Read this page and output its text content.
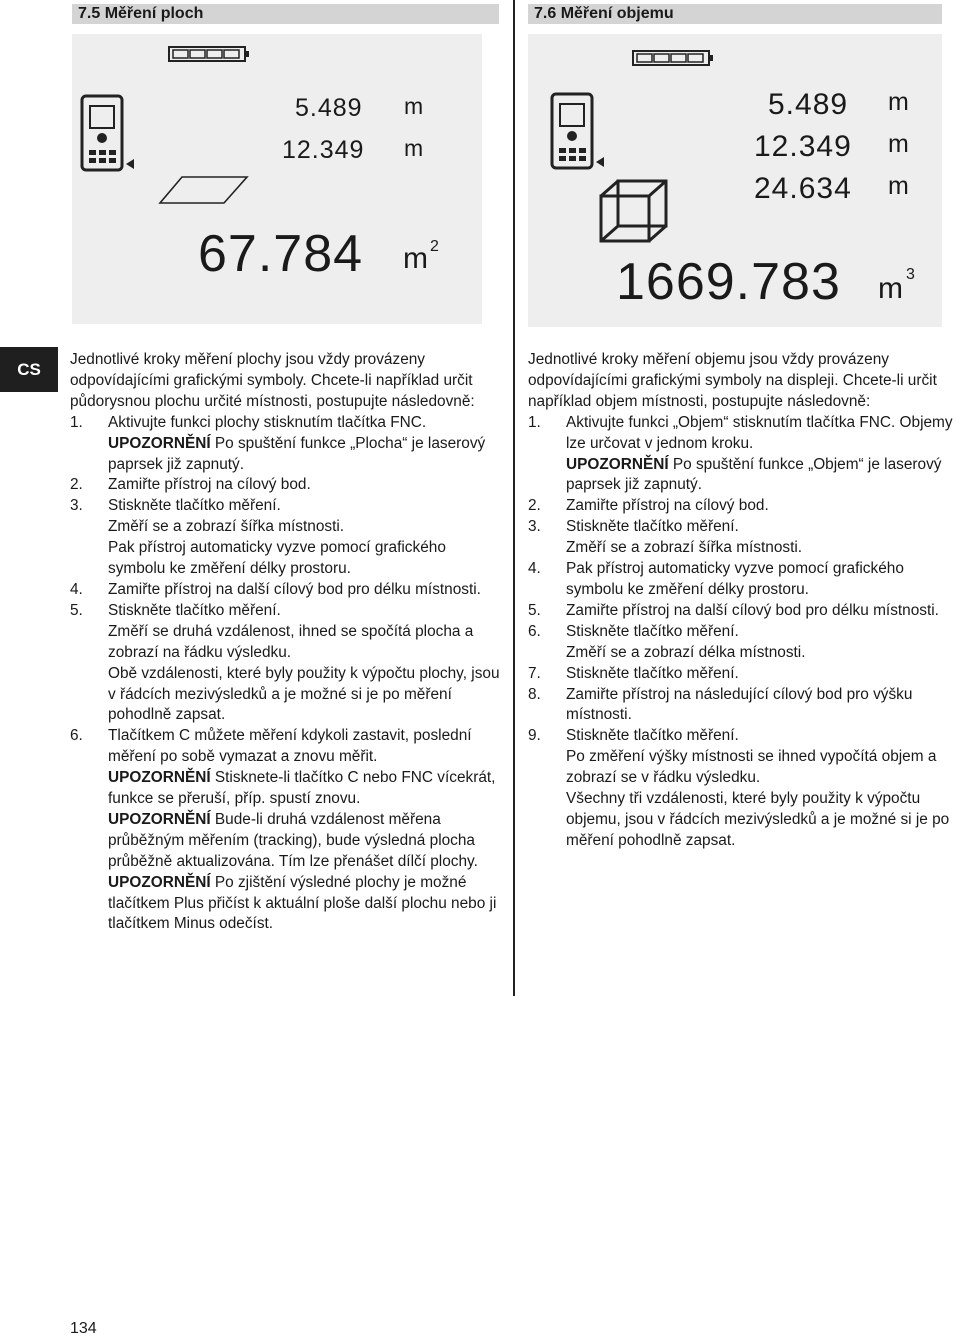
7.5 Měření ploch	7.6 Měření objemu
5.489 m
12.349 m
67.784 m 2
5.489 m
12.349 m
24.634 m
1669.783 m 3
CS

Jednotlivé kroky měření plochy jsou vždy provázeny odpovídajícími grafickými symboly. Chcete-li například určit půdorysnou plochu určité místnosti, postupujte následovně:

1.	Aktivujte funkci plochy stisknutím tlačítka FNC.

UPOZORNĚNÍ Po spuštění funkce „Plocha“ je laserový paprsek již zapnutý.

2.	Zamiřte přístroj na cílový bod.
3.	Stiskněte tlačítko měření.

Změří se a zobrazí šířka místnosti.

Pak přístroj automaticky vyzve pomocí grafického symbolu ke změření délky prostoru.

4.	Zamiřte přístroj na další cílový bod pro délku místnosti.
5.	Stiskněte tlačítko měření.

Změří se druhá vzdálenost, ihned se spočítá plocha a zobrazí na řádku výsledku.

Obě vzdálenosti, které byly použity k výpočtu plochy, jsou v řádcích mezivýsledků a je možné si je po měření pohodlně zapsat.

6.	Tlačítkem C můžete měření kdykoli zastavit, poslední měření po sobě vymazat a znovu měřit.

UPOZORNĚNÍ Stisknete-li tlačítko C nebo FNC vícekrát, funkce se přeruší, příp. spustí znovu.

UPOZORNĚNÍ Bude-li druhá vzdálenost měřena průběžným měřením (tracking), bude výsledná plocha průběžně aktualizována. Tím lze přenášet dílčí plochy.

UPOZORNĚNÍ Po zjištění výsledné plochy je možné tlačítkem Plus přičíst k aktuální ploše další plochu nebo ji tlačítkem Minus odečíst.

Jednotlivé kroky měření objemu jsou vždy provázeny odpovídajícími grafickými symboly na displeji. Chcete-li určit například objem místnosti, postupujte následovně:

1.	Aktivujte funkci „Objem“ stisknutím tlačítka FNC. Objemy lze určovat v jednom kroku.

UPOZORNĚNÍ Po spuštění funkce „Objem“ je laserový paprsek již zapnutý.

2.	Zamiřte přístroj na cílový bod.
3.	Stiskněte tlačítko měření.

Změří se a zobrazí šířka místnosti.

4.	Pak přístroj automaticky vyzve pomocí grafického symbolu ke změření délky prostoru.
5.	Zamiřte přístroj na další cílový bod pro délku místnosti.
6.	Stiskněte tlačítko měření.

Změří se a zobrazí délka místnosti.

7.	Stiskněte tlačítko měření.
8.	Zamiřte přístroj na následující cílový bod pro výšku místnosti.
9.	Stiskněte tlačítko měření.

Po změření výšky místnosti se ihned vypočítá objem a zobrazí se v řádku výsledku.

Všechny tři vzdálenosti, které byly použity k výpočtu objemu, jsou v řádcích mezivýsledků a je možné si je po měření pohodlně zapsat.

134
